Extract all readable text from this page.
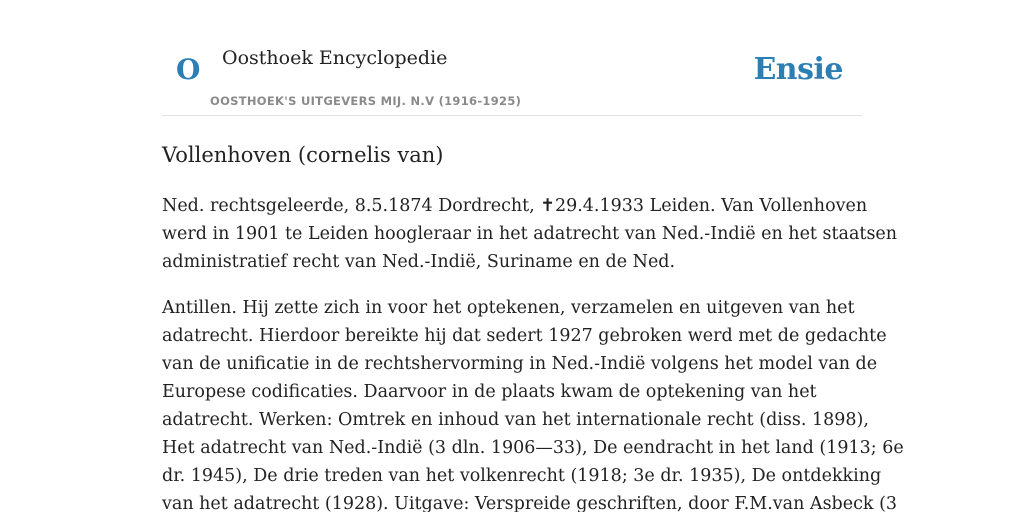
O Oosthoek Encyclopedie
OOSTHOEK'S UITGEVERS MIJ. N.V (1916-1925)
Ensie
Vollenhoven (cornelis van)

Ned. rechtsgeleerde, 8.5.1874 Dordrecht, ✝29.4.1933 Leiden. Van Vollenhoven
werd in 1901 te Leiden hoogleraar in het adatrecht van Ned.-Indië en het staatsen
administratief recht van Ned.-Indië, Suriname en de Ned.

Antillen. Hij zette zich in voor het optekenen, verzamelen en uitgeven van het
adatrecht. Hierdoor bereikte hij dat sedert 1927 gebroken werd met de gedachte
van de unificatie in de rechtshervorming in Ned.-Indië volgens het model van de
Europese codificaties. Daarvoor in de plaats kwam de optekening van het
adatrecht. Werken: Omtrek en inhoud van het internationale recht (diss. 1898),
Het adatrecht van Ned.-Indië (3 dln. 1906—33), De eendracht in het land (1913; 6e
dr. 1945), De drie treden van het volkenrecht (1918; 3e dr. 1935), De ontdekking
van het adatrecht (1928). Uitgave: Verspreide geschriften, door F.M.van Asbeck (3
